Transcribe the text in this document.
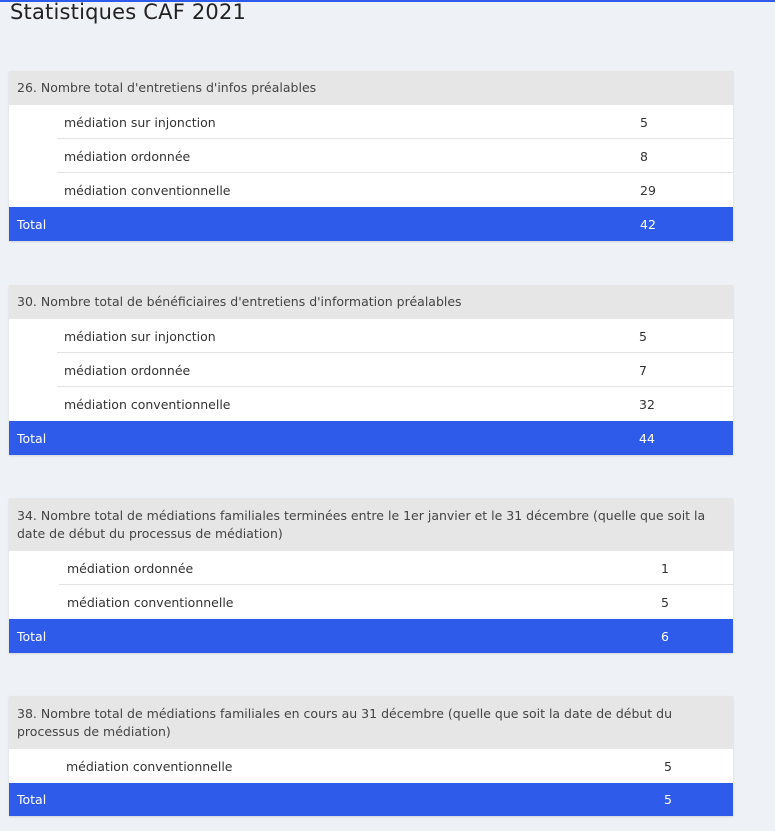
Statistiques CAF 2021
26. Nombre total d'entretiens d'infos préalables
médiation sur injonction	5
médiation ordonnée	8
médiation conventionnelle	29
Total	42
30. Nombre total de bénéficiaires d'entretiens d'information préalables
médiation sur injonction	5
médiation ordonnée	7
médiation conventionnelle	32
Total	44
34. Nombre total de médiations familiales terminées entre le 1er janvier et le 31 décembre (quelle que soit la date de début du processus de médiation)
médiation ordonnée	1
médiation conventionnelle	5
Total	6
38. Nombre total de médiations familiales en cours au 31 décembre (quelle que soit la date de début du processus de médiation)
médiation conventionnelle	5
Total	5
